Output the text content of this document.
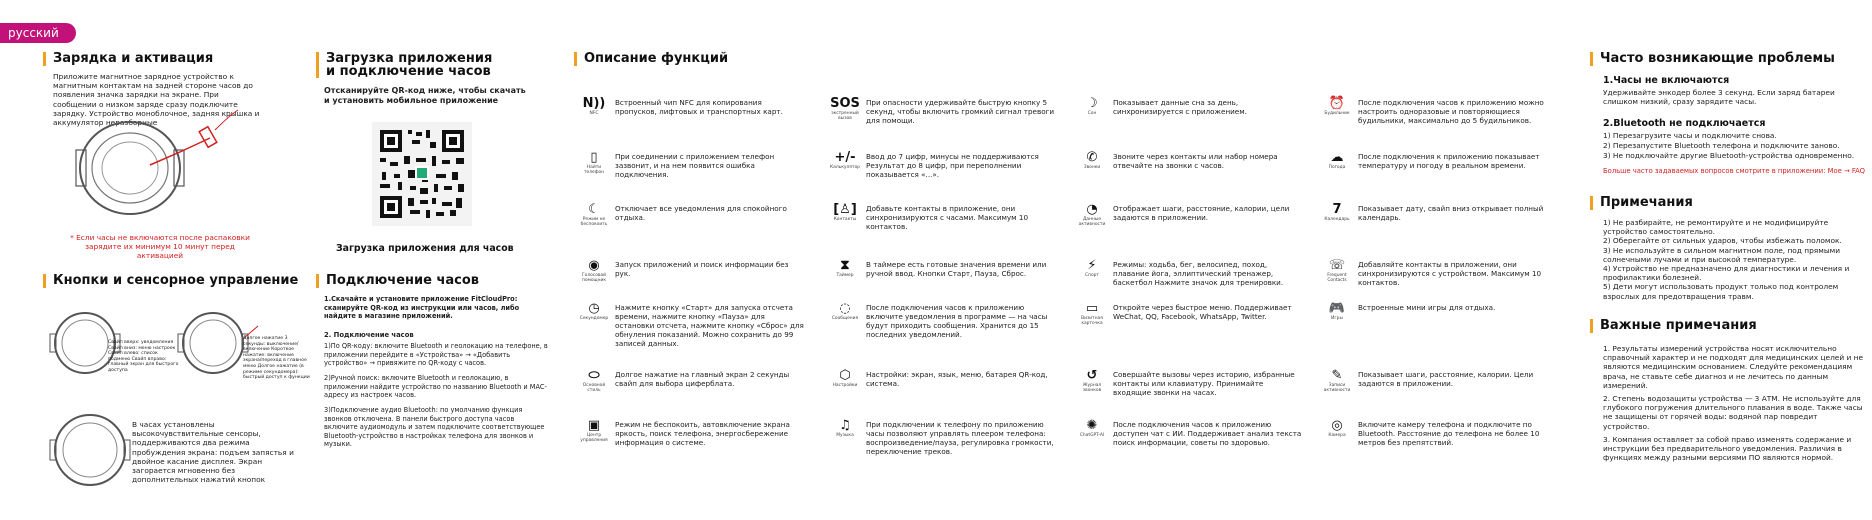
русский
Зарядка и активация
Приложите магнитное зарядное устройство к магнитным контактам на задней стороне часов до появления значка зарядки на экране. При сообщении о низком заряде сразу подключите зарядку. Устройство моноблочное, задняя крышка и аккумулятор неразборные
* Если часы не включаются после распаковки зарядите их минимум 10 минут перед активацией
Кнопки и сенсорное управление
Свайп вверх: уведомления Свайп вниз: меню настроек Свайп влево: список подменю Свайп вправо: главный экран для быстрого доступа
Долгое нажатие 3 секунды: выключение/включение Короткое нажатие: включение экрана/переход в главное меню Долгое нажатие (в режиме секундомера): быстрый доступ к функции
В часах установлены высокочувствительные сенсоры, поддерживаются два режима пробуждения экрана: подъем запястья и двойное касание дисплея. Экран загорается мгновенно без дополнительных нажатий кнопок
Загрузка приложения
и подключение часов
Отсканируйте QR-код ниже, чтобы скачать и установить мобильное приложение
Загрузка приложения для часов
Подключение часов
1.Скачайте и установите приложение FitCloudPro: сканируйте QR-код из инструкции или часов, либо найдите в магазине приложений.
2. Подключение часов
1)По QR-коду: включите Bluetooth и геолокацию на телефоне, в приложении перейдите в «Устройства» → «Добавить устройство» → привяжите по QR-коду с часов.
2)Ручной поиск: включите Bluetooth и геолокацию, в приложении найдите устройство по названию Bluetooth и MAC-адресу из настроек часов.
3)Подключение аудио Bluetooth: по умолчанию функция звонков отключена. В панели быстрого доступа часов включите аудиомодуль и затем подключите соответствующее Bluetooth-устройство в настройках телефона для звонков и музыки.
Описание функций
N))
NFC
Встроенный чип NFC для копирования пропусков, лифтовых и транспортных карт.
▯
Найти телефон
При соединении с приложением телефон зазвонит, и на нем появится ошибка подключения.
☾
Режим не беспокоить
Отключает все уведомления для спокойного отдыха.
◉
Голосовой помощник
Запуск приложений и поиск информации без рук.
◷
Секундомер
Нажмите кнопку «Старт» для запуска отсчета времени, нажмите кнопку «Пауза» для остановки отсчета, нажмите кнопку «Сброс» для обнуления показаний. Можно сохранить до 99 записей данных.
⬭
Основной стиль
Долгое нажатие на главный экран 2 секунды свайп для выбора циферблата.
▣
Центр управления
Режим не беспокоить, автовключение экрана яркость, поиск телефона, энергосбережение информация о системе.
SOS
экстренный вызов
При опасности удерживайте быструю кнопку 5 секунд, чтобы включить громкий сигнал тревоги для помощи.
+/-
Калькулятор
Ввод до 7 цифр, минусы не поддерживаются Результат до 8 цифр, при переполнении показывается «...».
[♙]
Контакты
Добавьте контакты в приложение, они синхронизируются с часами. Максимум 10 контактов.
⧗
Таймер
В таймере есть готовые значения времени или ручной ввод. Кнопки Старт, Пауза, Сброс.
◌
Сообщения
После подключения часов к приложению включите уведомления в программе — на часы будут приходить сообщения. Хранится до 15 последних уведомлений.
⬡
Настройки
Настройки: экран, язык, меню, батарея QR-код, система.
♫
Музыка
При подключении к телефону по приложению часы позволяют управлять плеером телефона: воспроизведение/пауза, регулировка громкости, переключение треков.
☽
Сон
Показывает данные сна за день, синхронизируется с приложением.
✆
Звонки
Звоните через контакты или набор номера отвечайте на звонки с часов.
◔
Данные активности
Отображает шаги, расстояние, калории, цели задаются в приложении.
⚡
Спорт
Режимы: ходьба, бег, велосипед, поход, плавание йога, эллиптический тренажер, баскетбол Нажмите значок для тренировки.
▭
Визитная карточка
Откройте через быстрое меню. Поддерживает WeChat, QQ, Facebook, WhatsApp, Twitter.
↺
Журнал звонков
Совершайте вызовы через историю, избранные контакты или клавиатуру. Принимайте входящие звонки на часах.
✺
ChatGPT-AI
После подключения часов к приложению доступен чат с ИИ. Поддерживает анализ текста поиск информации, советы по здоровью.
⏰
Будильник
После подключения часов к приложению можно настроить одноразовые и повторяющиеся будильники, максимально до 5 будильников.
☁
Погода
После подключения к приложению показывает температуру и погоду в реальном времени.
7
Календарь
Показывает дату, свайп вниз открывает полный календарь.
☏
Frequent Contacts
Добавляйте контакты в приложении, они синхронизируются с устройством. Максимум 10 контактов.
🎮
Игры
Встроенные мини игры для отдыха.
✎
Записи активности
Показывает шаги, расстояние, калории. Цели задаются в приложении.
◎
Камера
Включите камеру телефона и подключите по Bluetooth. Расстояние до телефона не более 10 метров без препятствий.
Часто возникающие проблемы
1.Часы не включаются
Удерживайте энкодер более 3 секунд. Если заряд батареи слишком низкий, сразу зарядите часы.
2.Bluetooth не подключается
1) Перезагрузите часы и подключите снова.
2) Перезапустите Bluetooth телефона и подключите заново.
3) Не подключайте другие Bluetooth-устройства одновременно.
Больше часто задаваемых вопросов смотрите в приложении: Мое → FAQ
Примечания
1) Не разбирайте, не ремонтируйте и не модифицируйте устройство самостоятельно.
2) Оберегайте от сильных ударов, чтобы избежать поломок.
3) Не используйте в сильном магнитном поле, под прямыми солнечными лучами и при высокой температуре.
4) Устройство не предназначено для диагностики и лечения и профилактики болезней.
5) Дети могут использовать продукт только под контролем взрослых для предотвращения травм.
Важные примечания
1. Результаты измерений устройства носят исключительно справочный характер и не подходят для медицинских целей и не являются медицинским основанием. Следуйте рекомендациям врача, не ставьте себе диагноз и не лечитесь по данным измерений.
2. Степень водозащиты устройства — 3 АТМ. Не используйте для глубокого погружения длительного плавания в воде. Также часы не защищены от горячей воды: водяной пар повредит устройство.
3. Компания оставляет за собой право изменять содержание и инструкции без предварительного уведомления. Различия в функциях между разными версиями ПО являются нормой.
